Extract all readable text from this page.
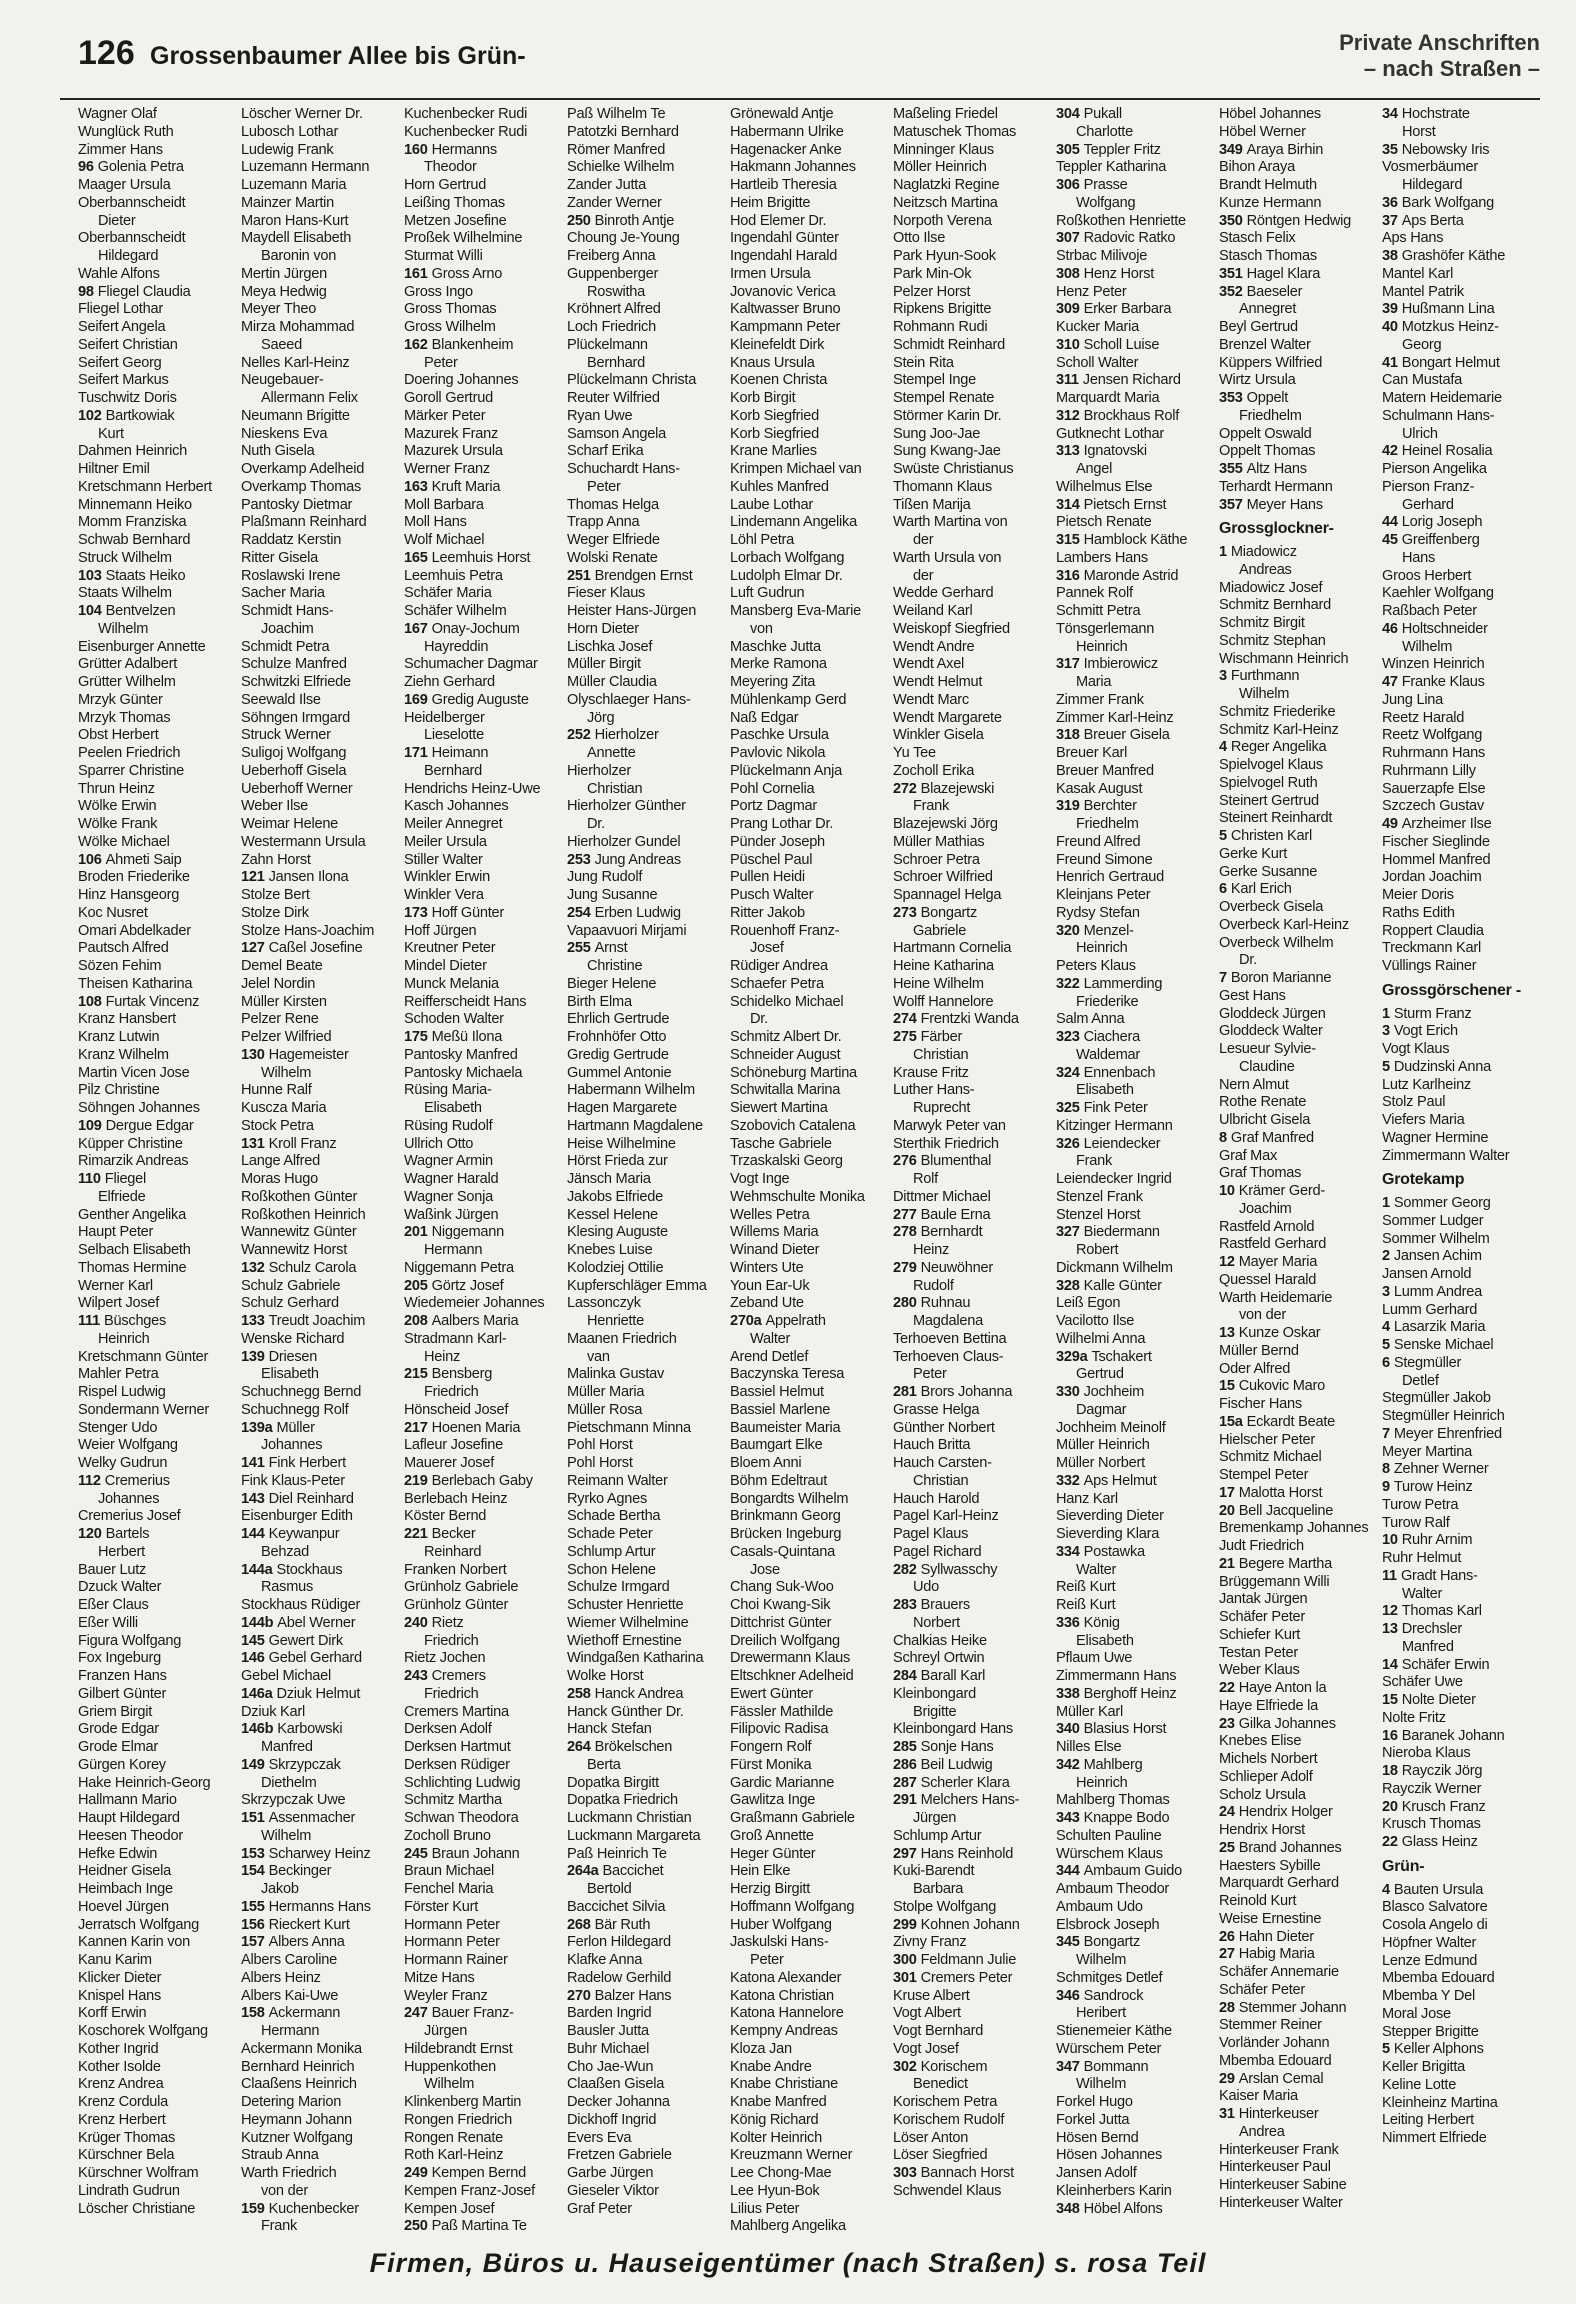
126 Grossenbaumer Allee bis Grün-	Private Anschriften
– nach Straßen –
Wagner Olaf
Wunglück Ruth
Zimmer Hans
96 Golenia Petra
Maager Ursula
Oberbannscheidt
Dieter
Oberbannscheidt
Hildegard
Wahle Alfons
98 Fliegel Claudia
Fliegel Lothar
Seifert Angela
Seifert Christian
Seifert Georg
Seifert Markus
Tuschwitz Doris
102 Bartkowiak
Kurt
Dahmen Heinrich
Hiltner Emil
Kretschmann Herbert
Minnemann Heiko
Momm Franziska
Schwab Bernhard
Struck Wilhelm
103 Staats Heiko
Staats Wilhelm
104 Bentvelzen
Wilhelm
Eisenburger Annette
Grütter Adalbert
Grütter Wilhelm
Mrzyk Günter
Mrzyk Thomas
Obst Herbert
Peelen Friedrich
Sparrer Christine
Thrun Heinz
Wölke Erwin
Wölke Frank
Wölke Michael
106 Ahmeti Saip
Broden Friederike
Hinz Hansgeorg
Koc Nusret
Omari Abdelkader
Pautsch Alfred
Sözen Fehim
Theisen Katharina
108 Furtak Vincenz
Kranz Hansbert
Kranz Lutwin
Kranz Wilhelm
Martin Vicen Jose
Pilz Christine
Söhngen Johannes
109 Dergue Edgar
Küpper Christine
Rimarzik Andreas
110 Fliegel
Elfriede
Genther Angelika
Haupt Peter
Selbach Elisabeth
Thomas Hermine
Werner Karl
Wilpert Josef
111 Büschges
Heinrich
Kretschmann Günter
Mahler Petra
Rispel Ludwig
Sondermann Werner
Stenger Udo
Weier Wolfgang
Welky Gudrun
112 Cremerius
Johannes
Cremerius Josef
120 Bartels
Herbert
Bauer Lutz
Dzuck Walter
Eßer Claus
Eßer Willi
Figura Wolfgang
Fox Ingeburg
Franzen Hans
Gilbert Günter
Griem Birgit
Grode Edgar
Grode Elmar
Gürgen Korey
Hake Heinrich-Georg
Hallmann Mario
Haupt Hildegard
Heesen Theodor
Hefke Edwin
Heidner Gisela
Heimbach Inge
Hoevel Jürgen
Jerratsch Wolfgang
Kannen Karin von
Kanu Karim
Klicker Dieter
Knispel Hans
Korff Erwin
Koschorek Wolfgang
Kother Ingrid
Kother Isolde
Krenz Andrea
Krenz Cordula
Krenz Herbert
Krüger Thomas
Kürschner Bela
Kürschner Wolfram
Lindrath Gudrun
Löscher Christiane
Löscher Werner Dr.
Lubosch Lothar
Ludewig Frank
Luzemann Hermann
Luzemann Maria
Mainzer Martin
Maron Hans-Kurt
Maydell Elisabeth
Baronin von
Mertin Jürgen
Meya Hedwig
Meyer Theo
Mirza Mohammad
Saeed
Nelles Karl-Heinz
Neugebauer-
Allermann Felix
Neumann Brigitte
Nieskens Eva
Nuth Gisela
Overkamp Adelheid
Overkamp Thomas
Pantosky Dietmar
Plaßmann Reinhard
Raddatz Kerstin
Ritter Gisela
Roslawski Irene
Sacher Maria
Schmidt Hans-
Joachim
Schmidt Petra
Schulze Manfred
Schwitzki Elfriede
Seewald Ilse
Söhngen Irmgard
Struck Werner
Suligoj Wolfgang
Ueberhoff Gisela
Ueberhoff Werner
Weber Ilse
Weimar Helene
Westermann Ursula
Zahn Horst
121 Jansen Ilona
Stolze Bert
Stolze Dirk
Stolze Hans-Joachim
127 Caßel Josefine
Demel Beate
Jelel Nordin
Müller Kirsten
Pelzer Rene
Pelzer Wilfried
130 Hagemeister
Wilhelm
Hunne Ralf
Kuscza Maria
Stock Petra
131 Kroll Franz
Lange Alfred
Moras Hugo
Roßkothen Günter
Roßkothen Heinrich
Wannewitz Günter
Wannewitz Horst
132 Schulz Carola
Schulz Gabriele
Schulz Gerhard
133 Treudt Joachim
Wenske Richard
139 Driesen
Elisabeth
Schuchnegg Bernd
Schuchnegg Rolf
139a Müller
Johannes
141 Fink Herbert
Fink Klaus-Peter
143 Diel Reinhard
Eisenburger Edith
144 Keywanpur
Behzad
144a Stockhaus
Rasmus
Stockhaus Rüdiger
144b Abel Werner
145 Gewert Dirk
146 Gebel Gerhard
Gebel Michael
146a Dziuk Helmut
Dziuk Karl
146b Karbowski
Manfred
149 Skrzypczak
Diethelm
Skrzypczak Uwe
151 Assenmacher
Wilhelm
153 Scharwey Heinz
154 Beckinger
Jakob
155 Hermanns Hans
156 Rieckert Kurt
157 Albers Anna
Albers Caroline
Albers Heinz
Albers Kai-Uwe
158 Ackermann
Hermann
Ackermann Monika
Bernhard Heinrich
Claaßens Heinrich
Detering Marion
Heymann Johann
Kutzner Wolfgang
Straub Anna
Warth Friedrich
von der
159 Kuchenbecker
Frank
Kuchenbecker Rudi
Kuchenbecker Rudi
160 Hermanns
Theodor
Horn Gertrud
Leißing Thomas
Metzen Josefine
Proßek Wilhelmine
Sturmat Willi
161 Gross Arno
Gross Ingo
Gross Thomas
Gross Wilhelm
162 Blankenheim
Peter
Doering Johannes
Goroll Gertrud
Märker Peter
Mazurek Franz
Mazurek Ursula
Werner Franz
163 Kruft Maria
Moll Barbara
Moll Hans
Wolf Michael
165 Leemhuis Horst
Leemhuis Petra
Schäfer Maria
Schäfer Wilhelm
167 Onay-Jochum
Hayreddin
Schumacher Dagmar
Ziehn Gerhard
169 Gredig Auguste
Heidelberger
Lieselotte
171 Heimann
Bernhard
Hendrichs Heinz-Uwe
Kasch Johannes
Meiler Annegret
Meiler Ursula
Stiller Walter
Winkler Erwin
Winkler Vera
173 Hoff Günter
Hoff Jürgen
Kreutner Peter
Mindel Dieter
Munck Melania
Reifferscheidt Hans
Schoden Walter
175 Meßü Ilona
Pantosky Manfred
Pantosky Michaela
Rüsing Maria-
Elisabeth
Rüsing Rudolf
Ullrich Otto
Wagner Armin
Wagner Harald
Wagner Sonja
Waßink Jürgen
201 Niggemann
Hermann
Niggemann Petra
205 Görtz Josef
Wiedemeier Johannes
208 Aalbers Maria
Stradmann Karl-
Heinz
215 Bensberg
Friedrich
Hönscheid Josef
217 Hoenen Maria
Lafleur Josefine
Mauerer Josef
219 Berlebach Gaby
Berlebach Heinz
Köster Bernd
221 Becker
Reinhard
Franken Norbert
Grünholz Gabriele
Grünholz Günter
240 Rietz
Friedrich
Rietz Jochen
243 Cremers
Friedrich
Cremers Martina
Derksen Adolf
Derksen Hartmut
Derksen Rüdiger
Schlichting Ludwig
Schmitz Martha
Schwan Theodora
Zocholl Bruno
245 Braun Johann
Braun Michael
Fenchel Maria
Förster Kurt
Hormann Peter
Hormann Peter
Hormann Rainer
Mitze Hans
Weyler Franz
247 Bauer Franz-
Jürgen
Hildebrandt Ernst
Huppenkothen
Wilhelm
Klinkenberg Martin
Rongen Friedrich
Rongen Renate
Roth Karl-Heinz
249 Kempen Bernd
Kempen Franz-Josef
Kempen Josef
250 Paß Martina Te
Paß Wilhelm Te
Patotzki Bernhard
Römer Manfred
Schielke Wilhelm
Zander Jutta
Zander Werner
250 Binroth Antje
Choung Je-Young
Freiberg Anna
Guppenberger
Roswitha
Kröhnert Alfred
Loch Friedrich
Plückelmann
Bernhard
Plückelmann Christa
Reuter Wilfried
Ryan Uwe
Samson Angela
Scharf Erika
Schuchardt Hans-
Peter
Thomas Helga
Trapp Anna
Weger Elfriede
Wolski Renate
251 Brendgen Ernst
Fieser Klaus
Heister Hans-Jürgen
Horn Dieter
Lischka Josef
Müller Birgit
Müller Claudia
Olyschlaeger Hans-
Jörg
252 Hierholzer
Annette
Hierholzer
Christian
Hierholzer Günther
Dr.
Hierholzer Gundel
253 Jung Andreas
Jung Rudolf
Jung Susanne
254 Erben Ludwig
Vapaavuori Mirjami
255 Arnst
Christine
Bieger Helene
Birth Elma
Ehrlich Gertrude
Frohnhöfer Otto
Gredig Gertrude
Gummel Antonie
Habermann Wilhelm
Hagen Margarete
Hartmann Magdalene
Heise Wilhelmine
Hörst Frieda zur
Jänsch Maria
Jakobs Elfriede
Kessel Helene
Klesing Auguste
Knebes Luise
Kolodziej Ottilie
Kupferschläger Emma
Lassonczyk
Henriette
Maanen Friedrich
van
Malinka Gustav
Müller Maria
Müller Rosa
Pietschmann Minna
Pohl Horst
Pohl Horst
Reimann Walter
Ryrko Agnes
Schade Bertha
Schade Peter
Schlump Artur
Schon Helene
Schulze Irmgard
Schuster Henriette
Wiemer Wilhelmine
Wiethoff Ernestine
Windgaßen Katharina
Wolke Horst
258 Hanck Andrea
Hanck Günther Dr.
Hanck Stefan
264 Brökelschen
Berta
Dopatka Birgitt
Dopatka Friedrich
Luckmann Christian
Luckmann Margareta
Paß Heinrich Te
264a Baccichet
Bertold
Baccichet Silvia
268 Bär Ruth
Ferlon Hildegard
Klafke Anna
Radelow Gerhild
270 Balzer Hans
Barden Ingrid
Bausler Jutta
Buhr Michael
Cho Jae-Wun
Claaßen Gisela
Decker Johanna
Dickhoff Ingrid
Evers Eva
Fretzen Gabriele
Garbe Jürgen
Gieseler Viktor
Graf Peter
Grönewald Antje
Habermann Ulrike
Hagenacker Anke
Hakmann Johannes
Hartleib Theresia
Heim Brigitte
Hod Elemer Dr.
Ingendahl Günter
Ingendahl Harald
Irmen Ursula
Jovanovic Verica
Kaltwasser Bruno
Kampmann Peter
Kleinefeldt Dirk
Knaus Ursula
Koenen Christa
Korb Birgit
Korb Siegfried
Korb Siegfried
Krane Marlies
Krimpen Michael van
Kuhles Manfred
Laube Lothar
Lindemann Angelika
Löhl Petra
Lorbach Wolfgang
Ludolph Elmar Dr.
Luft Gudrun
Mansberg Eva-Marie
von
Maschke Jutta
Merke Ramona
Meyering Zita
Mühlenkamp Gerd
Naß Edgar
Paschke Ursula
Pavlovic Nikola
Plückelmann Anja
Pohl Cornelia
Portz Dagmar
Prang Lothar Dr.
Pünder Joseph
Püschel Paul
Pullen Heidi
Pusch Walter
Ritter Jakob
Rouenhoff Franz-
Josef
Rüdiger Andrea
Schaefer Petra
Schidelko Michael
Dr.
Schmitz Albert Dr.
Schneider August
Schöneburg Martina
Schwitalla Marina
Siewert Martina
Szobovich Catalena
Tasche Gabriele
Trzaskalski Georg
Vogt Inge
Wehmschulte Monika
Welles Petra
Willems Maria
Winand Dieter
Winters Ute
Youn Ear-Uk
Zeband Ute
270a Appelrath
Walter
Arend Detlef
Baczynska Teresa
Bassiel Helmut
Bassiel Marlene
Baumeister Maria
Baumgart Elke
Bloem Anni
Böhm Edeltraut
Bongardts Wilhelm
Brinkmann Georg
Brücken Ingeburg
Casals-Quintana
Jose
Chang Suk-Woo
Choi Kwang-Sik
Dittchrist Günter
Dreilich Wolfgang
Drewermann Klaus
Eltschkner Adelheid
Ewert Günter
Fässler Mathilde
Filipovic Radisa
Fongern Rolf
Fürst Monika
Gardic Marianne
Gawlitza Inge
Graßmann Gabriele
Groß Annette
Heger Günter
Hein Elke
Herzig Birgitt
Hoffmann Wolfgang
Huber Wolfgang
Jaskulski Hans-
Peter
Katona Alexander
Katona Christian
Katona Hannelore
Kempny Andreas
Kloza Jan
Knabe Andre
Knabe Christiane
Knabe Manfred
König Richard
Kolter Heinrich
Kreuzmann Werner
Lee Chong-Mae
Lee Hyun-Bok
Lilius Peter
Mahlberg Angelika
Maßeling Friedel
Matuschek Thomas
Minninger Klaus
Möller Heinrich
Naglatzki Regine
Neitzsch Martina
Norpoth Verena
Otto Ilse
Park Hyun-Sook
Park Min-Ok
Pelzer Horst
Ripkens Brigitte
Rohmann Rudi
Schmidt Reinhard
Stein Rita
Stempel Inge
Stempel Renate
Störmer Karin Dr.
Sung Joo-Jae
Sung Kwang-Jae
Swüste Christianus
Thomann Klaus
Tißen Marija
Warth Martina von
der
Warth Ursula von
der
Wedde Gerhard
Weiland Karl
Weiskopf Siegfried
Wendt Andre
Wendt Axel
Wendt Helmut
Wendt Marc
Wendt Margarete
Winkler Gisela
Yu Tee
Zocholl Erika
272 Blazejewski
Frank
Blazejewski Jörg
Müller Mathias
Schroer Petra
Schroer Wilfried
Spannagel Helga
273 Bongartz
Gabriele
Hartmann Cornelia
Heine Katharina
Heine Wilhelm
Wolff Hannelore
274 Frentzki Wanda
275 Färber
Christian
Krause Fritz
Luther Hans-
Ruprecht
Marwyk Peter van
Sterthik Friedrich
276 Blumenthal
Rolf
Dittmer Michael
277 Baule Erna
278 Bernhardt
Heinz
279 Neuwöhner
Rudolf
280 Ruhnau
Magdalena
Terhoeven Bettina
Terhoeven Claus-
Peter
281 Brors Johanna
Grasse Helga
Günther Norbert
Hauch Britta
Hauch Carsten-
Christian
Hauch Harold
Pagel Karl-Heinz
Pagel Klaus
Pagel Richard
282 Syllwasschy
Udo
283 Brauers
Norbert
Chalkias Heike
Schreyl Ortwin
284 Barall Karl
Kleinbongard
Brigitte
Kleinbongard Hans
285 Sonje Hans
286 Beil Ludwig
287 Scherler Klara
291 Melchers Hans-
Jürgen
Schlump Artur
297 Hans Reinhold
Kuki-Barendt
Barbara
Stolpe Wolfgang
299 Kohnen Johann
Zivny Franz
300 Feldmann Julie
301 Cremers Peter
Kruse Albert
Vogt Albert
Vogt Bernhard
Vogt Josef
302 Korischem
Benedict
Korischem Petra
Korischem Rudolf
Löser Anton
Löser Siegfried
303 Bannach Horst
Schwendel Klaus
304 Pukall
Charlotte
305 Teppler Fritz
Teppler Katharina
306 Prasse
Wolfgang
Roßkothen Henriette
307 Radovic Ratko
Strbac Milivoje
308 Henz Horst
Henz Peter
309 Erker Barbara
Kucker Maria
310 Scholl Luise
Scholl Walter
311 Jensen Richard
Marquardt Maria
312 Brockhaus Rolf
Gutknecht Lothar
313 Ignatovski
Angel
Wilhelmus Else
314 Pietsch Ernst
Pietsch Renate
315 Hamblock Käthe
Lambers Hans
316 Maronde Astrid
Pannek Rolf
Schmitt Petra
Tönsgerlemann
Heinrich
317 Imbierowicz
Maria
Zimmer Frank
Zimmer Karl-Heinz
318 Breuer Gisela
Breuer Karl
Breuer Manfred
Kasak August
319 Berchter
Friedhelm
Freund Alfred
Freund Simone
Henrich Gertraud
Kleinjans Peter
Rydsy Stefan
320 Menzel-
Heinrich
Peters Klaus
322 Lammerding
Friederike
Salm Anna
323 Ciachera
Waldemar
324 Ennenbach
Elisabeth
325 Fink Peter
Kitzinger Hermann
326 Leiendecker
Frank
Leiendecker Ingrid
Stenzel Frank
Stenzel Horst
327 Biedermann
Robert
Dickmann Wilhelm
328 Kalle Günter
Leiß Egon
Vacilotto Ilse
Wilhelmi Anna
329a Tschakert
Gertrud
330 Jochheim
Dagmar
Jochheim Meinolf
Müller Heinrich
Müller Norbert
332 Aps Helmut
Hanz Karl
Sieverding Dieter
Sieverding Klara
334 Postawka
Walter
Reiß Kurt
Reiß Kurt
336 König
Elisabeth
Pflaum Uwe
Zimmermann Hans
338 Berghoff Heinz
Müller Karl
340 Blasius Horst
Nilles Else
342 Mahlberg
Heinrich
Mahlberg Thomas
343 Knappe Bodo
Schulten Pauline
Würschem Klaus
344 Ambaum Guido
Ambaum Theodor
Ambaum Udo
Elsbrock Joseph
345 Bongartz
Wilhelm
Schmitges Detlef
346 Sandrock
Heribert
Stienemeier Käthe
Würschem Peter
347 Bommann
Wilhelm
Forkel Hugo
Forkel Jutta
Hösen Bernd
Hösen Johannes
Jansen Adolf
Kleinherbers Karin
348 Höbel Alfons
Höbel Johannes
Höbel Werner
349 Araya Birhin
Bihon Araya
Brandt Helmuth
Kunze Hermann
350 Röntgen Hedwig
Stasch Felix
Stasch Thomas
351 Hagel Klara
352 Baeseler
Annegret
Beyl Gertrud
Brenzel Walter
Küppers Wilfried
Wirtz Ursula
353 Oppelt
Friedhelm
Oppelt Oswald
Oppelt Thomas
355 Altz Hans
Terhardt Hermann
357 Meyer Hans
Grossglockner-
1 Miadowicz
Andreas
Miadowicz Josef
Schmitz Bernhard
Schmitz Birgit
Schmitz Stephan
Wischmann Heinrich
3 Furthmann
Wilhelm
Schmitz Friederike
Schmitz Karl-Heinz
4 Reger Angelika
Spielvogel Klaus
Spielvogel Ruth
Steinert Gertrud
Steinert Reinhardt
5 Christen Karl
Gerke Kurt
Gerke Susanne
6 Karl Erich
Overbeck Gisela
Overbeck Karl-Heinz
Overbeck Wilhelm
Dr.
7 Boron Marianne
Gest Hans
Gloddeck Jürgen
Gloddeck Walter
Lesueur Sylvie-
Claudine
Nern Almut
Rothe Renate
Ulbricht Gisela
8 Graf Manfred
Graf Max
Graf Thomas
10 Krämer Gerd-
Joachim
Rastfeld Arnold
Rastfeld Gerhard
12 Mayer Maria
Quessel Harald
Warth Heidemarie
von der
13 Kunze Oskar
Müller Bernd
Oder Alfred
15 Cukovic Maro
Fischer Hans
15a Eckardt Beate
Hielscher Peter
Schmitz Michael
Stempel Peter
17 Malotta Horst
20 Bell Jacqueline
Bremenkamp Johannes
Judt Friedrich
21 Begere Martha
Brüggemann Willi
Jantak Jürgen
Schäfer Peter
Schiefer Kurt
Testan Peter
Weber Klaus
22 Haye Anton la
Haye Elfriede la
23 Gilka Johannes
Knebes Elise
Michels Norbert
Schlieper Adolf
Scholz Ursula
24 Hendrix Holger
Hendrix Horst
25 Brand Johannes
Haesters Sybille
Marquardt Gerhard
Reinold Kurt
Weise Ernestine
26 Hahn Dieter
27 Habig Maria
Schäfer Annemarie
Schäfer Peter
28 Stemmer Johann
Stemmer Reiner
Vorländer Johann
Mbemba Edouard
29 Arslan Cemal
Kaiser Maria
31 Hinterkeuser
Andrea
Hinterkeuser Frank
Hinterkeuser Paul
Hinterkeuser Sabine
Hinterkeuser Walter
34 Hochstrate
Horst
35 Nebowsky Iris
Vosmerbäumer
Hildegard
36 Bark Wolfgang
37 Aps Berta
Aps Hans
38 Grashöfer Käthe
Mantel Karl
Mantel Patrik
39 Hußmann Lina
40 Motzkus Heinz-
Georg
41 Bongart Helmut
Can Mustafa
Matern Heidemarie
Schulmann Hans-
Ulrich
42 Heinel Rosalia
Pierson Angelika
Pierson Franz-
Gerhard
44 Lorig Joseph
45 Greiffenberg
Hans
Groos Herbert
Kaehler Wolfgang
Raßbach Peter
46 Holtschneider
Wilhelm
Winzen Heinrich
47 Franke Klaus
Jung Lina
Reetz Harald
Reetz Wolfgang
Ruhrmann Hans
Ruhrmann Lilly
Sauerzapfe Else
Szczech Gustav
49 Arzheimer Ilse
Fischer Sieglinde
Hommel Manfred
Jordan Joachim
Meier Doris
Raths Edith
Roppert Claudia
Treckmann Karl
Vüllings Rainer
Grossgörschener -
1 Sturm Franz
3 Vogt Erich
Vogt Klaus
5 Dudzinski Anna
Lutz Karlheinz
Stolz Paul
Viefers Maria
Wagner Hermine
Zimmermann Walter
Grotekamp
1 Sommer Georg
Sommer Ludger
Sommer Wilhelm
2 Jansen Achim
Jansen Arnold
3 Lumm Andrea
Lumm Gerhard
4 Lasarzik Maria
5 Senske Michael
6 Stegmüller
Detlef
Stegmüller Jakob
Stegmüller Heinrich
7 Meyer Ehrenfried
Meyer Martina
8 Zehner Werner
9 Turow Heinz
Turow Petra
Turow Ralf
10 Ruhr Arnim
Ruhr Helmut
11 Gradt Hans-
Walter
12 Thomas Karl
13 Drechsler
Manfred
14 Schäfer Erwin
Schäfer Uwe
15 Nolte Dieter
Nolte Fritz
16 Baranek Johann
Nieroba Klaus
18 Rayczik Jörg
Rayczik Werner
20 Krusch Franz
Krusch Thomas
22 Glass Heinz
Grün-
4 Bauten Ursula
Blasco Salvatore
Cosola Angelo di
Höpfner Walter
Lenze Edmund
Mbemba Edouard
Mbemba Y Del
Moral Jose
Stepper Brigitte
5 Keller Alphons
Keller Brigitta
Keline Lotte
Kleinheinz Martina
Leiting Herbert
Nimmert Elfriede
Firmen, Büros u. Hauseigentümer (nach Straßen) s. rosa Teil
